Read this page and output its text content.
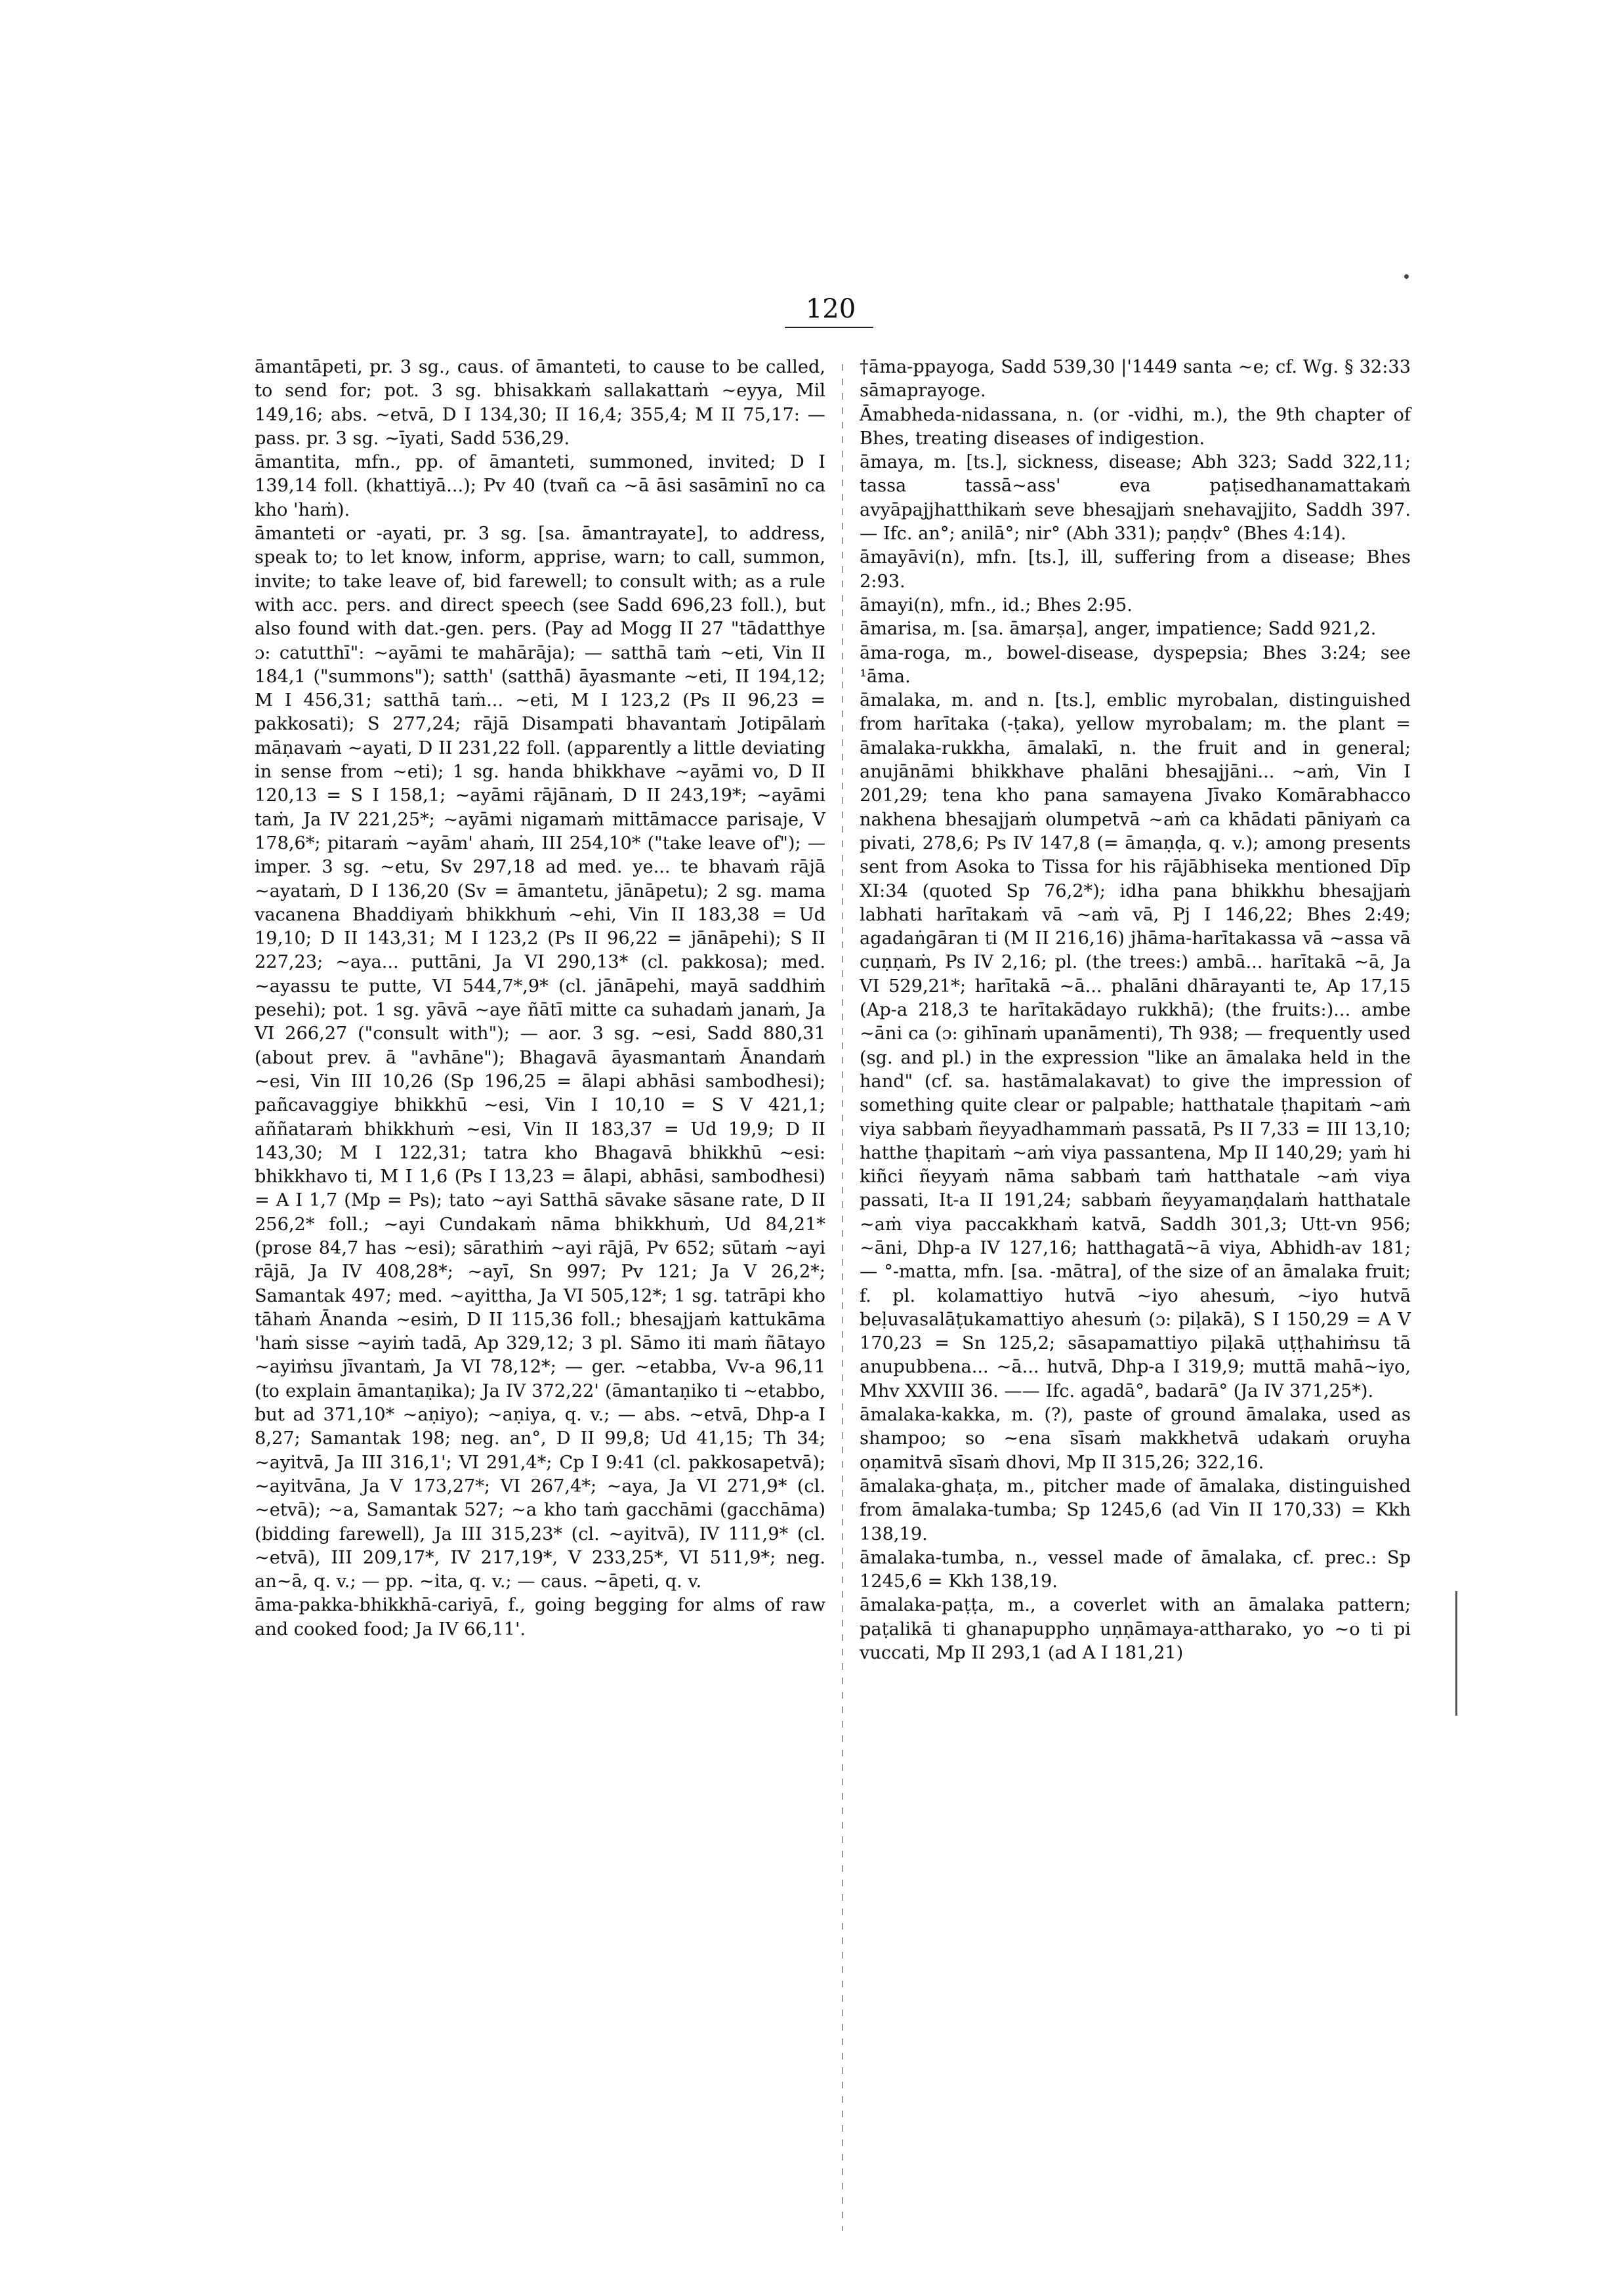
120
āmantāpeti, pr. 3 sg., caus. of āmanteti, to cause to be called, to send for; pot. 3 sg. bhisakkaṁ sallakattaṁ ~eyya, Mil 149,16; abs. ~etvā, D I 134,30; II 16,4; 355,4; M II 75,17: — pass. pr. 3 sg. ~īyati, Sadd 536,29.
āmantita, mfn., pp. of āmanteti, summoned, invited; D I 139,14 foll. (khattiyā...); Pv 40 (tvañ ca ~ā āsi sasāminī no ca kho 'haṁ).
āmanteti or -ayati, pr. 3 sg. [sa. āmantrayate], to address, speak to; to let know, inform, apprise, warn; to call, summon, invite; to take leave of, bid farewell; to consult with; as a rule with acc. pers. and direct speech (see Sadd 696,23 foll.), but also found with dat.-gen. pers. (Pay ad Mogg II 27 "tādatthye ɔ: catutthī": ~ayāmi te mahārāja); — satthā taṁ ~eti, Vin II 184,1 ("summons"); satth' (satthā) āyasmante ~eti, II 194,12; M I 456,31; satthā taṁ... ~eti, M I 123,2 (Ps II 96,23 = pakkosati); S 277,24; rājā Disampati bhavantaṁ Jotipālaṁ māṇavaṁ ~ayati, D II 231,22 foll. (apparently a little deviating in sense from ~eti); 1 sg. handa bhikkhave ~ayāmi vo, D II 120,13 = S I 158,1; ~ayāmi rājānaṁ, D II 243,19*; ~ayāmi taṁ, Ja IV 221,25*; ~ayāmi nigamaṁ mittāmacce parisaje, V 178,6*; pitaraṁ ~ayām' ahaṁ, III 254,10* ("take leave of"); — imper. 3 sg. ~etu, Sv 297,18 ad med. ye... te bhavaṁ rājā ~ayataṁ, D I 136,20 (Sv = āmantetu, jānāpetu); 2 sg. mama vacanena Bhaddiyaṁ bhikkhuṁ ~ehi, Vin II 183,38 = Ud 19,10; D II 143,31; M I 123,2 (Ps II 96,22 = jānāpehi); S II 227,23; ~aya... puttāni, Ja VI 290,13* (cl. pakkosa); med. ~ayassu te putte, VI 544,7*,9* (cl. jānāpehi, mayā saddhiṁ pesehi); pot. 1 sg. yāvā ~aye ñātī mitte ca suhadaṁ janaṁ, Ja VI 266,27 ("consult with"); — aor. 3 sg. ~esi, Sadd 880,31 (about prev. ā "avhāne"); Bhagavā āyasmantaṁ Ānandaṁ ~esi, Vin III 10,26 (Sp 196,25 = ālapi abhāsi sambodhesi); pañcavaggiye bhikkhū ~esi, Vin I 10,10 = S V 421,1; aññataraṁ bhikkhuṁ ~esi, Vin II 183,37 = Ud 19,9; D II 143,30; M I 122,31; tatra kho Bhagavā bhikkhū ~esi: bhikkhavo ti, M I 1,6 (Ps I 13,23 = ālapi, abhāsi, sambodhesi) = A I 1,7 (Mp = Ps); tato ~ayi Satthā sāvake sāsane rate, D II 256,2* foll.; ~ayi Cundakaṁ nāma bhikkhuṁ, Ud 84,21* (prose 84,7 has ~esi); sārathiṁ ~ayi rājā, Pv 652; sūtaṁ ~ayi rājā, Ja IV 408,28*; ~ayī, Sn 997; Pv 121; Ja V 26,2*; Samantak 497; med. ~ayittha, Ja VI 505,12*; 1 sg. tatrāpi kho tāhaṁ Ānanda ~esiṁ, D II 115,36 foll.; bhesajjaṁ kattukāma 'haṁ sisse ~ayiṁ tadā, Ap 329,12; 3 pl. Sāmo iti maṁ ñātayo ~ayiṁsu jīvantaṁ, Ja VI 78,12*; — ger. ~etabba, Vv-a 96,11 (to explain āmantaṇika); Ja IV 372,22' (āmantaṇiko ti ~etabbo, but ad 371,10* ~aṇiyo); ~aṇiya, q. v.; — abs. ~etvā, Dhp-a I 8,27; Samantak 198; neg. an°, D II 99,8; Ud 41,15; Th 34; ~ayitvā, Ja III 316,1'; VI 291,4*; Cp I 9:41 (cl. pakkosapetvā); ~ayitvāna, Ja V 173,27*; VI 267,4*; ~aya, Ja VI 271,9* (cl. ~etvā); ~a, Samantak 527; ~a kho taṁ gacchāmi (gacchāma) (bidding farewell), Ja III 315,23* (cl. ~ayitvā), IV 111,9* (cl. ~etvā), III 209,17*, IV 217,19*, V 233,25*, VI 511,9*; neg. an~ā, q. v.; — pp. ~ita, q. v.; — caus. ~āpeti, q. v.
āma-pakka-bhikkhā-cariyā, f., going begging for alms of raw and cooked food; Ja IV 66,11'.
†āma-ppayoga, Sadd 539,30 |'1449 santa ~e; cf. Wg. § 32:33 sāmaprayoge.
Āmabheda-nidassana, n. (or -vidhi, m.), the 9th chapter of Bhes, treating diseases of indigestion.
āmaya, m. [ts.], sickness, disease; Abh 323; Sadd 322,11; tassa tassā~ass' eva paṭisedhanamattakaṁ avyāpajjhatthikaṁ seve bhesajjaṁ snehavajjito, Saddh 397. — Ifc. an°; anilā°; nir° (Abh 331); paṇḍv° (Bhes 4:14).
āmayāvi(n), mfn. [ts.], ill, suffering from a disease; Bhes 2:93.
āmayi(n), mfn., id.; Bhes 2:95.
āmarisa, m. [sa. āmarṣa], anger, impatience; Sadd 921,2.
āma-roga, m., bowel-disease, dyspepsia; Bhes 3:24; see ¹āma.
āmalaka, m. and n. [ts.], emblic myrobalan, distinguished from harītaka (-ṭaka), yellow myrobalam; m. the plant = āmalaka-rukkha, āmalakī, n. the fruit and in general; anujānāmi bhikkhave phalāni bhesajjāni... ~aṁ, Vin I 201,29; tena kho pana samayena Jīvako Komārabhacco nakhena bhesajjaṁ olumpetvā ~aṁ ca khādati pāniyaṁ ca pivati, 278,6; Ps IV 147,8 (= āmaṇḍa, q. v.); among presents sent from Asoka to Tissa for his rājābhiseka mentioned Dīp XI:34 (quoted Sp 76,2*); idha pana bhikkhu bhesajjaṁ labhati harītakaṁ vā ~aṁ vā, Pj I 146,22; Bhes 2:49; agadaṅgāran ti (M II 216,16) jhāma-harītakassa vā ~assa vā cuṇṇaṁ, Ps IV 2,16; pl. (the trees:) ambā... harītakā ~ā, Ja VI 529,21*; harītakā ~ā... phalāni dhārayanti te, Ap 17,15 (Ap-a 218,3 te harītakādayo rukkhā); (the fruits:)... ambe ~āni ca (ɔ: gihīnaṁ upanāmenti), Th 938; — frequently used (sg. and pl.) in the expression "like an āmalaka held in the hand" (cf. sa. hastāmalakavat) to give the impression of something quite clear or palpable; hatthatale ṭhapitaṁ ~aṁ viya sabbaṁ ñeyyadhammaṁ passatā, Ps II 7,33 = III 13,10; hatthe ṭhapitaṁ ~aṁ viya passantena, Mp II 140,29; yaṁ hi kiñci ñeyyaṁ nāma sabbaṁ taṁ hatthatale ~aṁ viya passati, It-a II 191,24; sabbaṁ ñeyyamaṇḍalaṁ hatthatale ~aṁ viya paccakkhaṁ katvā, Saddh 301,3; Utt-vn 956; ~āni, Dhp-a IV 127,16; hatthagatā~ā viya, Abhidh-av 181; — °-matta, mfn. [sa. -mātra], of the size of an āmalaka fruit; f. pl. kolamattiyo hutvā ~iyo ahesuṁ, ~iyo hutvā beḷuvasalāṭukamattiyo ahesuṁ (ɔ: piḷakā), S I 150,29 = A V 170,23 = Sn 125,2; sāsapamattiyo piḷakā uṭṭhahiṁsu tā anupubbena... ~ā... hutvā, Dhp-a I 319,9; muttā mahā~iyo, Mhv XXVIII 36. —— Ifc. agadā°, badarā° (Ja IV 371,25*).
āmalaka-kakka, m. (?), paste of ground āmalaka, used as shampoo; so ~ena sīsaṁ makkhetvā udakaṁ oruyha oṇamitvā sīsaṁ dhovi, Mp II 315,26; 322,16.
āmalaka-ghaṭa, m., pitcher made of āmalaka, distinguished from āmalaka-tumba; Sp 1245,6 (ad Vin II 170,33) = Kkh 138,19.
āmalaka-tumba, n., vessel made of āmalaka, cf. prec.: Sp 1245,6 = Kkh 138,19.
āmalaka-paṭṭa, m., a coverlet with an āmalaka pattern; paṭalikā ti ghanapuppho uṇṇāmaya-attharako, yo ~o ti pi vuccati, Mp II 293,1 (ad A I 181,21)
